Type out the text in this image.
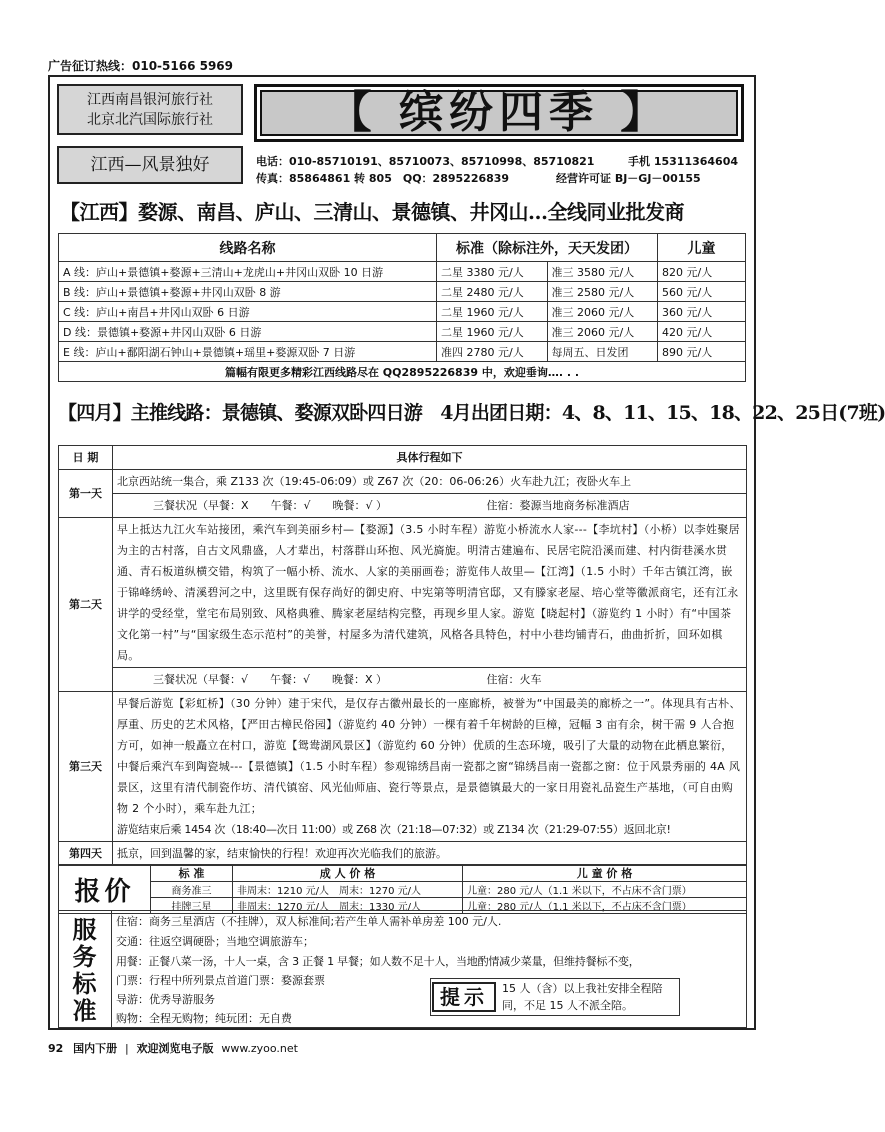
广告征订热线：010-5166 5969
江西南昌银河旅行社
北京北汽国际旅行社	【 缤纷四季 】
江西—风景独好	电话：010-85710191、85710073、85710998、85710821	手机 15311364604
传真：85864861 转 805　QQ：2895226839	经营许可证 BJ－GJ－00155
【江西】婺源、南昌、庐山、三清山、景德镇、井冈山…全线同业批发商
线路名称	标准（除标注外，天天发团）		儿童
A 线：庐山+景德镇+婺源+三清山+龙虎山+井冈山双卧 10 日游	二星 3380 元/人	准三 3580 元/人	820 元/人
B 线：庐山+景德镇+婺源+井冈山双卧 8 游	二星 2480 元/人	准三 2580 元/人	560 元/人
C 线：庐山+南昌+井冈山双卧 6 日游	二星 1960 元/人	准三 2060 元/人	360 元/人
D 线：景德镇+婺源+井冈山双卧 6 日游	二星 1960 元/人	准三 2060 元/人	420 元/人
E 线：庐山+鄱阳湖石钟山+景德镇+瑶里+婺源双卧 7 日游	准四 2780 元/人	每周五、日发团	890 元/人
篇幅有限更多精彩江西线路尽在 QQ2895226839 中，欢迎垂询…. . .			
【四月】主推线路：景德镇、婺源双卧四日游　4月出团日期：4、8、11、15、18、22、25日(7班)
日 期	具体行程如下
第一天	北京西站统一集合，乘 Z133 次（19:45-06:09）或 Z67 次（20：06-06:26）火车赴九江；夜卧火车上
	三餐状况（早餐：X　　午餐：√　　晚餐：√ ） 住宿：婺源当地商务标准酒店
第二天	早上抵达九江火车站接团，乘汽车到美丽乡村—【婺源】（3.5 小时车程）游览小桥流水人家---【李坑村】（小桥）以李姓聚居为主的古村落，自古文风鼎盛，人才辈出，村落群山环抱、风光旖旎。明清古建遍布、民居宅院沿溪而建、村内街巷溪水贯通、青石板道纵横交错，构筑了一幅小桥、流水、人家的美丽画卷；游览伟人故里—【江湾】（1.5 小时）千年古镇江湾，嵌于锦峰绣岭、清溪碧河之中，这里既有保存尚好的御史府、中宪第等明清官邸，又有滕家老屋、培心堂等徽派商宅，还有江永讲学的受经堂，堂宅布局别致、风格典雅、腾家老屋结构完整，再现乡里人家。游览【晓起村】（游览约 1 小时）有“中国茶文化第一村”与“国家级生态示范村”的美誉，村屋多为清代建筑，风格各具特色，村中小巷均铺青石，曲曲折折，回环如棋局。
	三餐状况（早餐：√　　午餐：√　　晚餐：X ） 住宿：火车
第三天	早餐后游览【彩虹桥】（30 分钟）建于宋代，是仅存古徽州最长的一座廊桥，被誉为“中国最美的廊桥之一”。体现具有古朴、厚重、历史的艺术风格，【严田古樟民俗园】（游览约 40 分钟）一棵有着千年树龄的巨樟，冠幅 3 亩有余，树干需 9 人合抱方可，如神一般矗立在村口，游览【鸳鸯湖风景区】（游览约 60 分钟）优质的生态环境，吸引了大量的动物在此栖息繁衍，中餐后乘汽车到陶瓷城---【景德镇】（1.5 小时车程）参观锦绣昌南一瓷都之窗“锦绣昌南一瓷都之窗：位于风景秀丽的 4A 风景区，这里有清代制瓷作坊、清代镇窑、风光仙师庙、瓷行等景点，是景德镇最大的一家日用瓷礼品瓷生产基地，（可自由购物 2 个小时），乘车赴九江；
游览结束后乘 1454 次（18:40—次日 11:00）或 Z68 次（21:18—07:32）或 Z134 次（21:29-07:55）返回北京!

第四天	抵京，回到温馨的家，结束愉快的行程！欢迎再次光临我们的旅游。
报价	标 准	成 人 价 格	儿 童 价 格
	商务准三	非周末：1210 元/人　周末：1270 元/人	儿童：280 元/人（1.1 米以下，不占床不含门票）
	挂牌三星	非周末：1270 元/人　周末：1330 元/人	儿童：280 元/人（1.1 米以下，不占床不含门票）
服
务
标
准
住宿：商务三星酒店（不挂牌），双人标准间;若产生单人需补单房差 100 元/人.
交通：往返空调硬卧；当地空调旅游车；
用餐：正餐八菜一汤，十人一桌，含 3 正餐 1 早餐；如人数不足十人，当地酌情减少菜量，但维持餐标不变，
门票：行程中所列景点首道门票：婺源套票
导游：优秀导游服务
购物：全程无购物；纯玩团：无自费
提示	15 人（含）以上我社安排全程陪同，不足 15 人不派全陪。
92 国内下册 | 欢迎浏览电子版 www.zyoo.net
